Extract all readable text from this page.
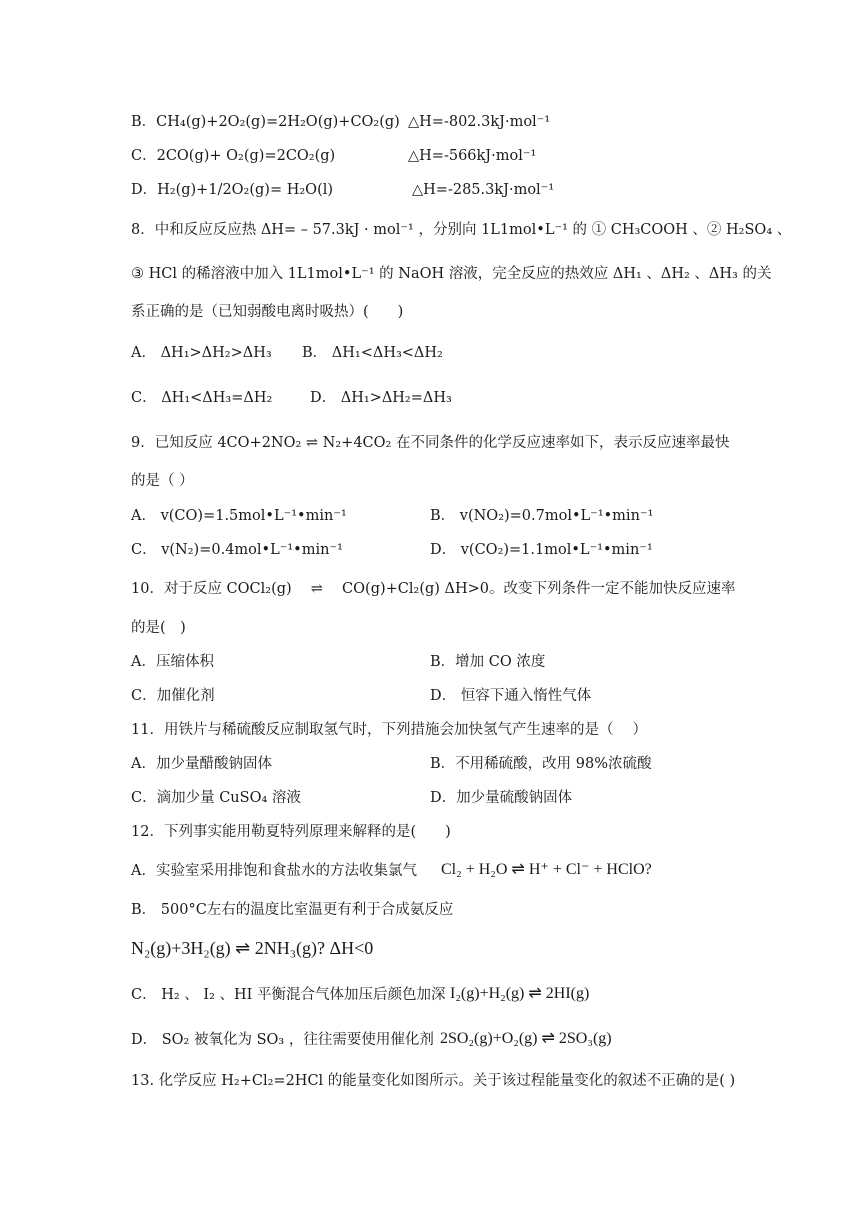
B．CH₄(g)+2O₂(g)=2H₂O(g)+CO₂(g) △H=-802.3kJ·mol⁻¹
C．2CO(g)+ O₂(g)=2CO₂(g)	△H=-566kJ·mol⁻¹
D．H₂(g)+1/2O₂(g)= H₂O(l)	△H=-285.3kJ·mol⁻¹
8．中和反应反应热 ΔH= – 57.3kJ · mol⁻¹ ，分别向 1L1mol•L⁻¹ 的 ① CH₃COOH 、② H₂SO₄ 、
③ HCl 的稀溶液中加入 1L1mol•L⁻¹ 的 NaOH 溶液，完全反应的热效应 ΔH₁ 、ΔH₂ 、ΔH₃ 的关
系正确的是（已知弱酸电离时吸热）(　　)
A． ΔH₁>ΔH₂>ΔH₃ B． ΔH₁<ΔH₃<ΔH₂
C． ΔH₁<ΔH₃=ΔH₂	D． ΔH₁>ΔH₂=ΔH₃
9．已知反应 4CO+2NO₂ ⇌ N₂+4CO₂ 在不同条件的化学反应速率如下，表示反应速率最快
的是（ ）
A． v(CO)=1.5mol•L⁻¹•min⁻¹	B． v(NO₂)=0.7mol•L⁻¹•min⁻¹
C． v(N₂)=0.4mol•L⁻¹•min⁻¹	D． v(CO₂)=1.1mol•L⁻¹•min⁻¹
10．对于反应 COCl₂(g)　 ⇌　 CO(g)+Cl₂(g) ΔH>0。改变下列条件一定不能加快反应速率
的是(　)
A．压缩体积	B．增加 CO 浓度
C．加催化剂	D． 恒容下通入惰性气体
11．用铁片与稀硫酸反应制取氢气时，下列措施会加快氢气产生速率的是（　 ）
A．加少量醋酸钠固体	B．不用稀硫酸，改用 98%浓硫酸
C．滴加少量 CuSO₄ 溶液	D．加少量硫酸钠固体
12．下列事实能用勒夏特列原理来解释的是(　　)
A．实验室采用排饱和食盐水的方法收集氯气 Cl₂ + H₂O ⇌ H⁺ + Cl⁻ + HClO?
B． 500°C左右的温度比室温更有利于合成氨反应
N₂(g)+3H₂(g) ⇌ 2NH₃(g)? ΔH<0
C． H₂ 、 I₂ 、HI 平衡混合气体加压后颜色加深 I₂(g)+H₂(g) ⇌ 2HI(g)
D． SO₂ 被氧化为 SO₃ ，往往需要使用催化剂 2SO₂(g)+O₂(g) ⇌ 2SO₃(g)
13. 化学反应 H₂+Cl₂=2HCl 的能量变化如图所示。关于该过程能量变化的叙述不正确的是( )
